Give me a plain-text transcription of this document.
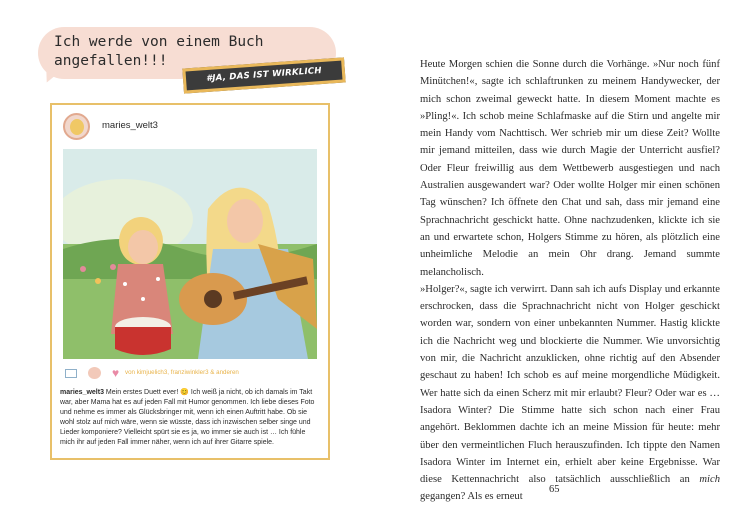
Ich werde von einem Buch angefallen!!!
#JA, DAS IST WIRKLICH PASSIERT
maries_welt3
♥ von kimjuelich3, franziwinkler3 & anderen
maries_welt3 Mein erstes Duett ever! 😊 Ich weiß ja nicht, ob ich damals im Takt war, aber Mama hat es auf jeden Fall mit Humor genommen. Ich liebe dieses Foto und nehme es immer als Glücksbringer mit, wenn ich einen Auftritt habe. Ob sie wohl stolz auf mich wäre, wenn sie wüsste, dass ich inzwischen selber singe und Lieder komponiere? Vielleicht spürt sie es ja, wo immer sie auch ist … Ich fühle mich ihr auf jeden Fall immer näher, wenn ich auf ihrer Gitarre spiele.

Heute Morgen schien die Sonne durch die Vorhänge. »Nur noch fünf Minütchen!«, sagte ich schlaftrunken zu meinem Handywecker, der mich schon zweimal geweckt hatte. In diesem Moment machte es »Pling!«. Ich schob meine Schlafmaske auf die Stirn und angelte mir mein Handy vom Nachttisch. Wer schrieb mir um diese Zeit? Wollte mir jemand mitteilen, dass wie durch Magie der Unterricht ausfiel? Oder Fleur freiwillig aus dem Wettbewerb ausgestiegen und nach Australien ausgewandert war? Oder wollte Holger mir einen schönen Tag wünschen? Ich öffnete den Chat und sah, dass mir jemand eine Sprachnachricht geschickt hatte. Ohne nachzudenken, klickte ich sie an und erwartete schon, Holgers Stimme zu hören, als plötzlich eine unheimliche Melodie an mein Ohr drang. Jemand summte melancholisch.

»Holger?«, sagte ich verwirrt. Dann sah ich aufs Display und erkannte erschrocken, dass die Sprachnachricht nicht von Holger geschickt worden war, sondern von einer unbekannten Nummer. Hastig klickte ich die Nachricht weg und blockierte die Nummer. Wie unvorsichtig von mir, die Nachricht anzuklicken, ohne richtig auf den Absender geschaut zu haben! Ich schob es auf meine morgendliche Müdigkeit. Wer hatte sich da einen Scherz mit mir erlaubt? Fleur? Oder war es … Isadora Winter? Die Stimme hatte sich schon nach einer Frau angehört. Beklommen dachte ich an meine Mission für heute: mehr über den vermeintlichen Fluch herauszufinden. Ich tippte den Namen Isadora Winter im Internet ein, erhielt aber keine Ergebnisse. War diese Kettennachricht also tatsächlich ausschließlich an mich gegangen? Als es erneut

65
